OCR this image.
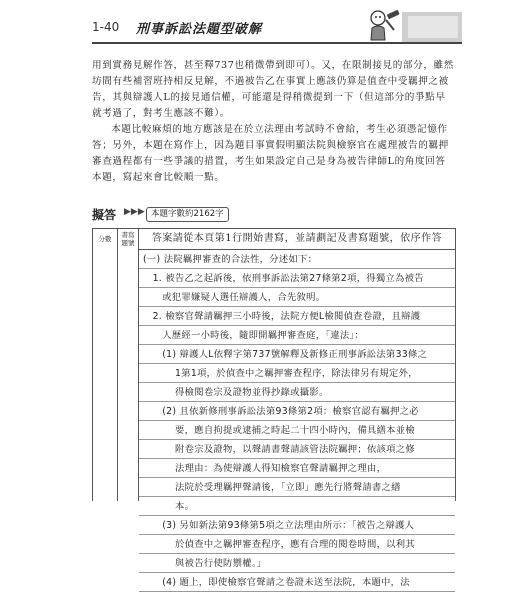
1-40 刑事訴訟法題型破解

用到實務見解作答，甚至釋737也稍微帶到即可）。又，在限制接見的部分，雖然坊間有些補習班持相反見解，不過被告乙在事實上應該仍算是值查中受羈押之被告，其與辯護人L的接見通信權，可能還是得稍微提到一下（但這部分的爭點早就考過了，對考生應該不難）。

本題比較麻煩的地方應該是在於立法理由考試時不會給，考生必須憑記憶作答；另外，本題在寫作上，因為題目事實假明顯法院與檢察官在處理被告的羈押審查過程都有一些爭議的措置，考生如果設定自己是身為被告律師L的角度回答本題，寫起來會比較順一點。

擬答 ▶▶▶ 本題字數約2162字
分數	書寫題號	答案請從本頁第1行開始書寫，並請劃記及書寫題號，依序作答
(一) 法院羈押審查的合法性，分述如下：
　1. 被告乙之起訴後，依刑事訴訟法第27條第2項，得獨立為被告
　　或犯罪嫌疑人選任辯護人，合先敘明。
　2. 檢察官聲請羈押三小時後，法院方便L檢閱偵查卷證，且辯護
　　人歷經一小時後，隨即開羈押審查庭，「違法」：
　　(1) 辯護人L依釋字第737號解釋及新修正刑事訴訟法第33條之
　　　 1第1項，於偵查中之羈押審查程序，除法律另有規定外，
　　　 得檢閱卷宗及證物並得抄錄或攝影。
　　(2) 且依新修刑事訴訟法第93條第2項：檢察官認有羈押之必
　　　 要，應自拘提或逮捕之時起二十四小時內，備具繕本並檢
　　　 附卷宗及證物，以聲請書聲請該管法院羈押；依該項之修
　　　 法理由：為使辯護人得知檢察官聲請羈押之理由，
　　　 法院於受理羈押聲請後，「立即」應先行將聲請書之繕
　　　 本。
　　(3) 另如新法第93條第5項之立法理由所示：「被告之辯護人
　　　 於偵查中之羈押審查程序，應有合理的閱卷時間，以利其
　　　 與被告行使防禦權。」
　　(4) 題上，即使檢察官聲請之卷證未送至法院，本題中，法
